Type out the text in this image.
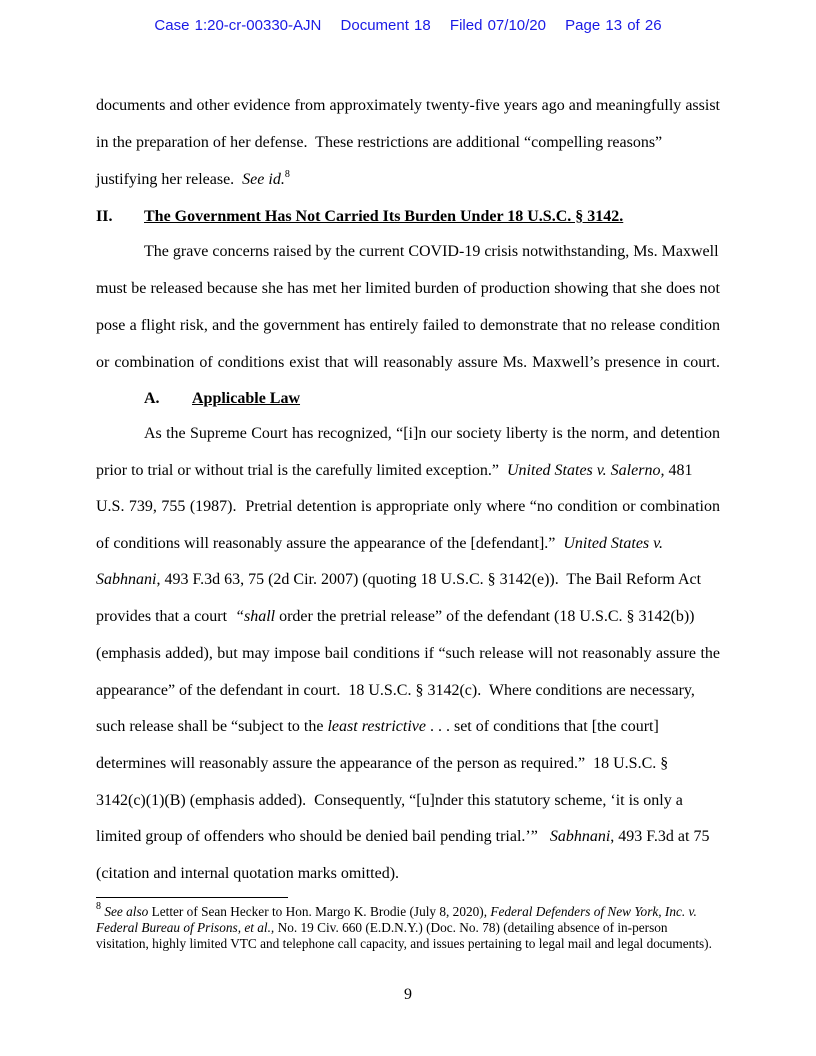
Case 1:20-cr-00330-AJN Document 18 Filed 07/10/20 Page 13 of 26
documents and other evidence from approximately twenty-five years ago and meaningfully assist
in the preparation of her defense.  These restrictions are additional “compelling reasons”
justifying her release.  See id.$^8$
II. The Government Has Not Carried Its Burden Under 18 U.S.C. § 3142.
The grave concerns raised by the current COVID-19 crisis notwithstanding, Ms. Maxwell
must be released because she has met her limited burden of production showing that she does not
pose a flight risk, and the government has entirely failed to demonstrate that no release condition
or combination of conditions exist that will reasonably assure Ms. Maxwell’s presence in court.
A. Applicable Law
As the Supreme Court has recognized, “[i]n our society liberty is the norm, and detention
prior to trial or without trial is the carefully limited exception.”  United States v. Salerno, 481
U.S. 739, 755 (1987).  Pretrial detention is appropriate only where “no condition or combination
of conditions will reasonably assure the appearance of the [defendant].”  United States v.
Sabhnani, 493 F.3d 63, 75 (2d Cir. 2007) (quoting 18 U.S.C. § 3142(e)).  The Bail Reform Act
provides that a court  “shall order the pretrial release” of the defendant (18 U.S.C. § 3142(b))
(emphasis added), but may impose bail conditions if “such release will not reasonably assure the
appearance” of the defendant in court.  18 U.S.C. § 3142(c).  Where conditions are necessary,
such release shall be “subject to the least restrictive . . . set of conditions that [the court]
determines will reasonably assure the appearance of the person as required.”  18 U.S.C. §
3142(c)(1)(B) (emphasis added).  Consequently, “[u]nder this statutory scheme, ‘it is only a
limited group of offenders who should be denied bail pending trial.’”   Sabhnani, 493 F.3d at 75
(citation and internal quotation marks omitted).
$^8$ See also Letter of Sean Hecker to Hon. Margo K. Brodie (July 8, 2020), Federal Defenders of New York, Inc. v.
Federal Bureau of Prisons, et al., No. 19 Civ. 660 (E.D.N.Y.) (Doc. No. 78) (detailing absence of in-person
visitation, highly limited VTC and telephone call capacity, and issues pertaining to legal mail and legal documents).
9
